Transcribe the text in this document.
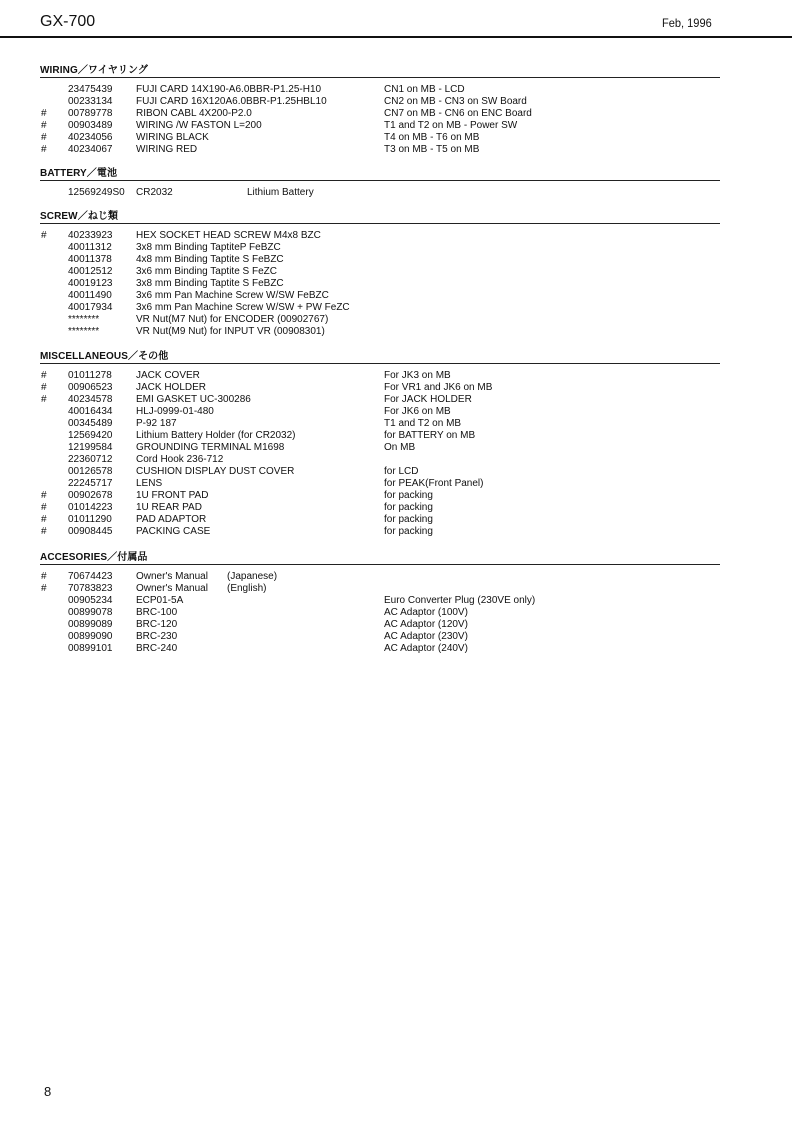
GX-700	Feb, 1996
WIRING／ワイヤリング
23475439 FUJI CARD 14X190-A6.0BBR-P1.25-H10	CN1 on MB - LCD
00233134 FUJI CARD 16X120A6.0BBR-P1.25HBL10	CN2 on MB - CN3 on SW Board
# 00789778 RIBON CABL 4X200-P2.0	CN7 on MB - CN6 on ENC Board
# 00903489 WIRING /W FASTON L=200	T1 and T2 on MB - Power SW
# 40234056 WIRING BLACK	T4 on MB - T6 on MB
# 40234067 WIRING RED	T3 on MB - T5 on MB
BATTERY／電池
12569249S0 CR2032	Lithium Battery
SCREW／ねじ類
# 40233923 HEX SOCKET HEAD SCREW M4x8 BZC
40011312 3x8 mm Binding TaptiteP FeBZC
40011378 4x8 mm Binding Taptite S FeBZC
40012512 3x6 mm Binding Taptite S FeZC
40019123 3x8 mm Binding Taptite S FeBZC
40011490 3x6 mm Pan Machine Screw W/SW FeBZC
40017934 3x6 mm Pan Machine Screw W/SW + PW FeZC
********	VR Nut(M7 Nut) for ENCODER (00902767)
********	VR Nut(M9 Nut) for INPUT VR (00908301)
MISCELLANEOUS／その他
# 01011278 JACK COVER	For JK3 on MB
# 00906523 JACK HOLDER	For VR1 and JK6 on MB
# 40234578 EMI GASKET UC-300286	For JACK HOLDER
40016434 HLJ-0999-01-480	For JK6 on MB
00345489 P-92 187	T1 and T2 on MB
12569420 Lithium Battery Holder (for CR2032)	for BATTERY on MB
12199584 GROUNDING TERMINAL M1698	On MB
22360712 Cord Hook 236-712
00126578 CUSHION DISPLAY DUST COVER	for LCD
22245717 LENS	for PEAK(Front Panel)
# 00902678 1U FRONT PAD	for packing
# 01014223 1U REAR PAD	for packing
# 01011290 PAD ADAPTOR	for packing
# 00908445 PACKING CASE	for packing
ACCESORIES／付属品
# 70674423 Owner's Manual (Japanese)
# 70783823 Owner's Manual (English)
00905234 ECP01-5A	Euro Converter Plug (230VE only)
00899078 BRC-100	AC Adaptor (100V)
00899089 BRC-120	AC Adaptor (120V)
00899090 BRC-230	AC Adaptor (230V)
00899101 BRC-240	AC Adaptor (240V)
8
